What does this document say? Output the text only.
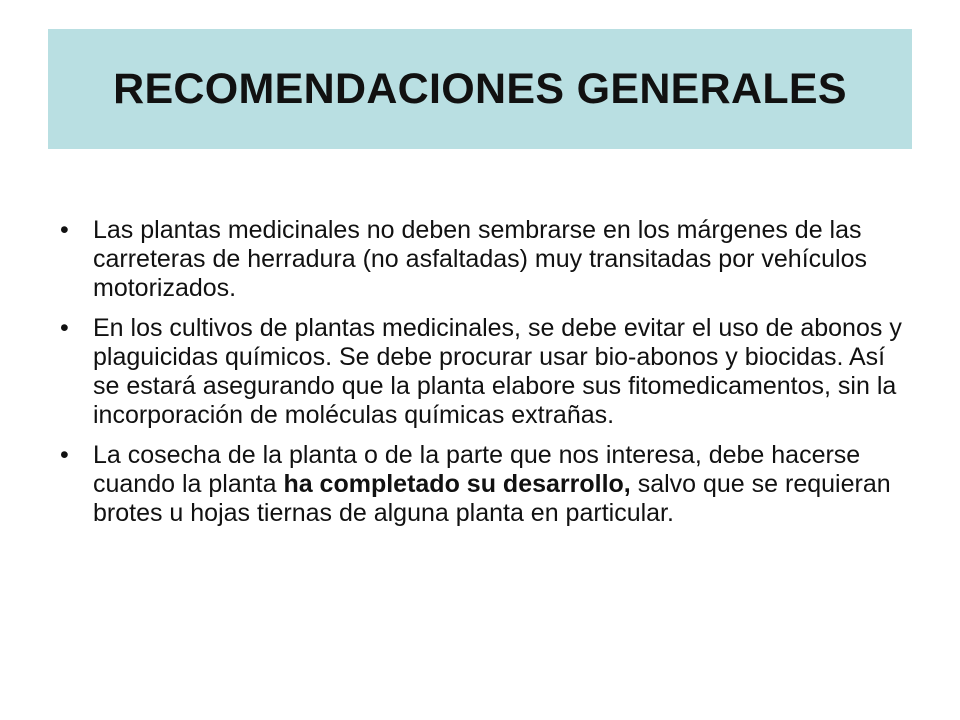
RECOMENDACIONES GENERALES
• Las plantas medicinales no deben sembrarse en los márgenes de las carreteras de herradura (no asfaltadas) muy transitadas por vehículos motorizados.
• En los cultivos de plantas medicinales, se debe evitar el uso de abonos y plaguicidas químicos. Se debe procurar usar bio-abonos y biocidas. Así se estará asegurando que la planta elabore sus fitomedicamentos, sin la incorporación de moléculas químicas extrañas.
• La cosecha de la planta o de la parte que nos interesa, debe hacerse cuando la planta ha completado su desarrollo, salvo que se requieran brotes u hojas tiernas de alguna planta en particular.
